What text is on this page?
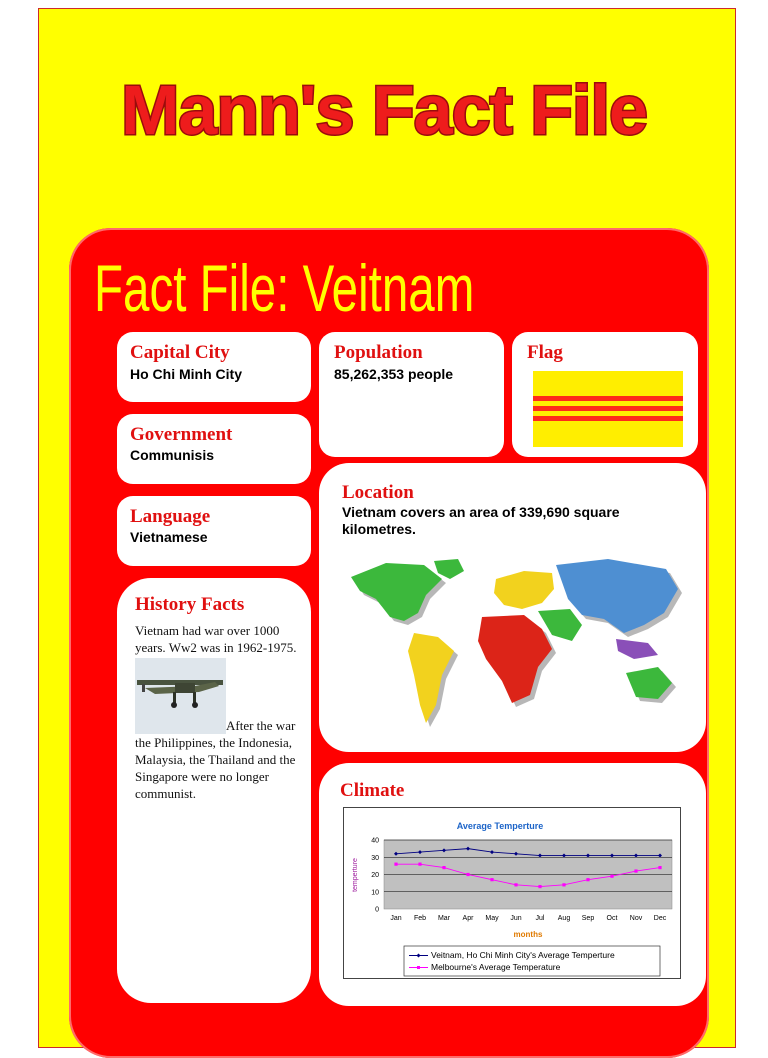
Mann's Fact File
Fact File: Veitnam
Capital City
Ho Chi Minh City
Population
85,262,353 people
Flag
Government
Communisis
Language
Vietnamese
Location
Vietnam covers an area of 339,690 square kilometres.
History Facts
Vietnam had war over 1000 years. Ww2 was in 1962-1975.
After the war the Philippines, the Indonesia, Malaysia, the Thailand and the Singapore were no longer communist.	Climate
Average Temperture
0
10
20
30
40
Jan Feb Mar Apr May Jun Jul Aug Sep Oct Nov Dec
temperture
months
Veitnam, Ho Chi Minh City's Average Temperture
Melbourne's Average Temperature
